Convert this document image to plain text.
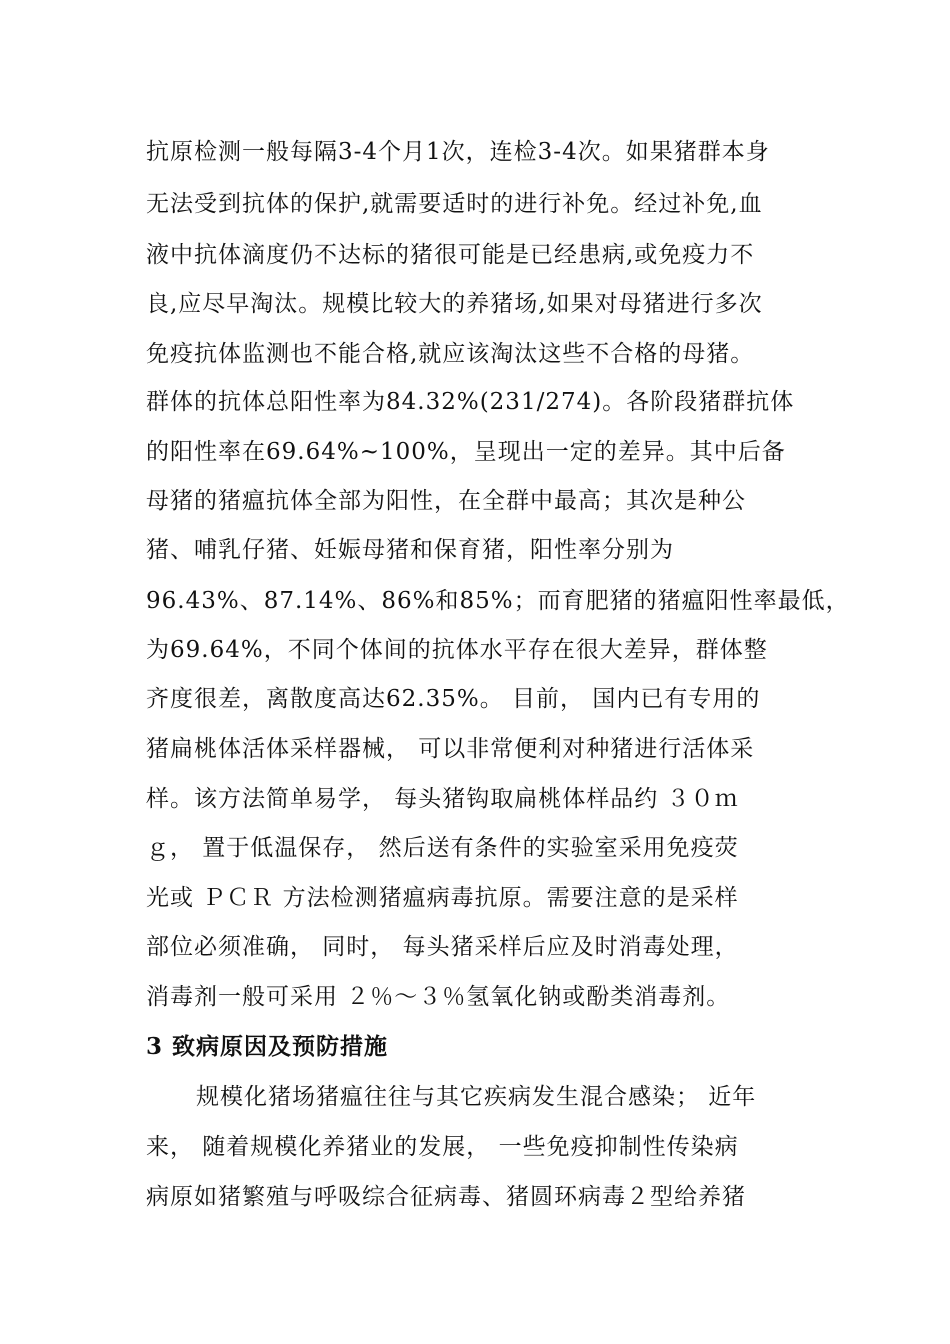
抗原检测一般每隔3-4个月1次，连检3-4次。如果猪群本身
无法受到抗体的保护,就需要适时的进行补免。经过补免,血
液中抗体滴度仍不达标的猪很可能是已经患病,或免疫力不
良,应尽早淘汰。规模比较大的养猪场,如果对母猪进行多次
免疫抗体监测也不能合格,就应该淘汰这些不合格的母猪。
群体的抗体总阳性率为84.32%(231/274)。各阶段猪群抗体
的阳性率在69.64%~100%，呈现出一定的差异。其中后备
母猪的猪瘟抗体全部为阳性，在全群中最高；其次是种公
猪、哺乳仔猪、妊娠母猪和保育猪，阳性率分别为
96.43%、87.14%、86%和85%；而育肥猪的猪瘟阳性率最低，
为69.64%，不同个体间的抗体水平存在很大差异，群体整
齐度很差，离散度高达62.35%。 目前， 国内已有专用的
猪扁桃体活体采样器械， 可以非常便利对种猪进行活体采
样。该方法简单易学， 每头猪钩取扁桃体样品约 ３０ｍ
ｇ， 置于低温保存， 然后送有条件的实验室采用免疫荧
光或 ＰＣＲ 方法检测猪瘟病毒抗原。需要注意的是采样
部位必须准确， 同时， 每头猪采样后应及时消毒处理，
消毒剂一般可采用 ２％～３％氢氧化钠或酚类消毒剂。
3 致病原因及预防措施
规模化猪场猪瘟往往与其它疾病发生混合感染； 近年
来， 随着规模化养猪业的发展， 一些免疫抑制性传染病
病原如猪繁殖与呼吸综合征病毒、猪圆环病毒２型给养猪
